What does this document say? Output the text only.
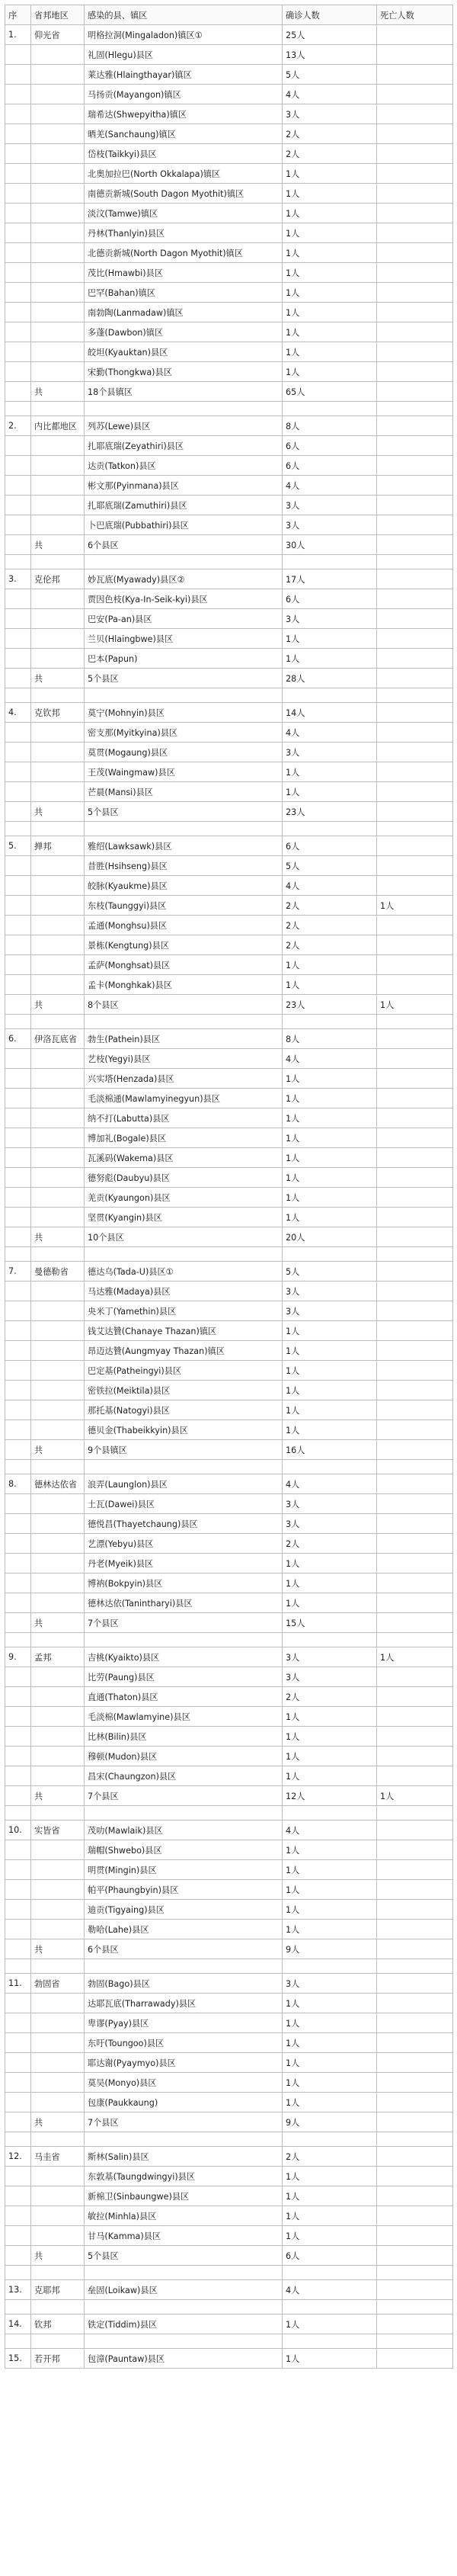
序	省邦地区	感染的县、镇区	确诊人数	死亡人数
1.	仰光省	明格拉洞(Mingaladon)镇区①	25人	
		礼固(Hlegu)县区	13人	
		莱达雅(Hlaingthayar)镇区	5人	
		马扬贡(Mayangon)镇区	4人	
		瑞希达(Shwepyitha)镇区	3人	
		晒羌(Sanchaung)镇区	2人	
		岱枝(Taikkyi)县区	2人	
		北奥加拉巴(North Okkalapa)镇区	1人	
		南德贡新城(South Dagon Myothit)镇区	1人	
		淡汶(Tamwe)镇区	1人	
		丹林(Thanlyin)县区	1人	
		北德贡新城(North Dagon Myothit)镇区	1人	
		茂比(Hmawbi)县区	1人	
		巴罕(Bahan)镇区	1人	
		南勃陶(Lanmadaw)镇区	1人	
		多蓬(Dawbon)镇区	1人	
		皎坦(Kyauktan)县区	1人	
		宋勤(Thongkwa)县区	1人	
	共	18个县镇区	65人	

2.	内比都地区	列苏(Lewe)县区	8人	
		扎耶底瑞(Zeyathiri)县区	6人	
		达贡(Tatkon)县区	6人	
		彬文那(Pyinmana)县区	4人	
		扎耶底瑞(Zamuthiri)县区	3人	
		卜巴底瑞(Pubbathiri)县区	3人	
	共	6个县区	30人	

3.	克伦邦	妙瓦底(Myawady)县区②	17人	
		贾因色枝(Kya-In-Seik-kyi)县区	6人	
		巴安(Pa-an)县区	3人	
		兰贝(Hlaingbwe)县区	1人	
		巴本(Papun)	1人	
	共	5个县区	28人	

4.	克钦邦	莫宁(Mohnyin)县区	14人	
		密支那(Myitkyina)县区	4人	
		莫贯(Mogaung)县区	3人	
		王茂(Waingmaw)县区	1人	
		芒晨(Mansi)县区	1人	
	共	5个县区	23人	

5.	掸邦	雅绍(Lawksawk)县区	6人	
		昔胜(Hsihseng)县区	5人	
		皎脉(Kyaukme)县区	4人	
		东枝(Taunggyi)县区	2人	1人
		孟通(Monghsu)县区	2人	
		景栋(Kengtung)县区	2人	
		孟萨(Monghsat)县区	1人	
		孟卡(Monghkak)县区	1人	
	共	8个县区	23人	1人

6.	伊洛瓦底省	勃生(Pathein)县区	8人	
		艺枝(Yegyi)县区	4人	
		兴实塔(Henzada)县区	1人	
		毛淡棉通(Mawlamyinegyun)县区	1人	
		纳不打(Labutta)县区	1人	
		博加礼(Bogale)县区	1人	
		瓦溪码(Wakema)县区	1人	
		德努彪(Daubyu)县区	1人	
		羌贡(Kyaungon)县区	1人	
		坚贯(Kyangin)县区	1人	
	共	10个县区	20人	

7.	曼德勒省	德达乌(Tada-U)县区①	5人	
		马达雅(Madaya)县区	3人	
		央米丁(Yamethin)县区	3人	
		钱艾达贊(Chanaye Thazan)镇区	1人	
		昂迈达贊(Aungmyay Thazan)镇区	1人	
		巴定基(Patheingyi)县区	1人	
		密铁拉(Meiktila)县区	1人	
		那托基(Natogyi)县区	1人	
		德贝金(Thabeikkyin)县区	1人	
	共	9个县镇区	16人	

8.	德林达依省	浪弄(Launglon)县区	4人	
		土瓦(Dawei)县区	3人	
		德悦昌(Thayetchaung)县区	3人	
		艺漂(Yebyu)县区	2人	
		丹老(Myeik)县区	1人	
		博衲(Bokpyin)县区	1人	
		德林达依(Tanintharyi)县区	1人	
	共	7个县区	15人	

9.	孟邦	吉桃(Kyaikto)县区	3人	1人
		比劳(Paung)县区	3人	
		直通(Thaton)县区	2人	
		毛淡棉(Mawlamyine)县区	1人	
		比林(Bilin)县区	1人	
		穆顿(Mudon)县区	1人	
		昌宋(Chaungzon)县区	1人	
	共	7个县区	12人	1人

10.	实皆省	茂叻(Mawlaik)县区	4人	
		瑞帽(Shwebo)县区	1人	
		明贯(Mingin)县区	1人	
		帕平(Phaungbyin)县区	1人	
		迪贡(Tigyaing)县区	1人	
		勒哈(Lahe)县区	1人	
	共	6个县区	9人	

11.	勃固省	勃固(Bago)县区	3人	
		达耶瓦底(Tharrawady)县区	1人	
		卑谬(Pyay)县区	1人	
		东吁(Toungoo)县区	1人	
		耶达谢(Pyaymyo)县区	1人	
		莫吴(Monyo)县区	1人	
		包康(Paukkaung)	1人	
	共	7个县区	9人	

12.	马圭省	斯林(Salin)县区	2人	
		东敦基(Taungdwingyi)县区	1人	
		新棉卫(Sinbaungwe)县区	1人	
		敏拉(Minhla)县区	1人	
		甘马(Kamma)县区	1人	
	共	5个县区	6人	

13.	克耶邦	垒固(Loikaw)县区	4人	

14.	钦邦	铁定(Tiddim)县区	1人	

15.	若开邦	包漳(Pauntaw)县区	1人	
